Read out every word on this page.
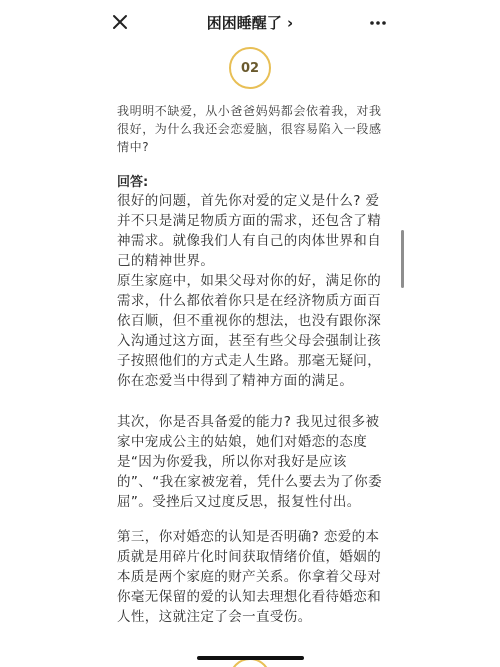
困困睡醒了 ›
02
我明明不缺爱，从小爸爸妈妈都会依着我，对我很好，为什么我还会恋爱脑，很容易陷入一段感情中?
回答:
很好的问题，首先你对爱的定义是什么? 爱并不只是满足物质方面的需求，还包含了精神需求。就像我们人有自己的肉体世界和自己的精神世界。
原生家庭中，如果父母对你的好，满足你的需求，什么都依着你只是在经济物质方面百依百顺，但不重视你的想法，也没有跟你深入沟通过这方面，甚至有些父母会强制让孩子按照他们的方式走人生路。那毫无疑问，你在恋爱当中得到了精神方面的满足。
其次，你是否具备爱的能力? 我见过很多被家中宠成公主的姑娘，她们对婚恋的态度是“因为你爱我，所以你对我好是应该的”、“我在家被宠着，凭什么要去为了你委屈”。受挫后又过度反思，报复性付出。
第三，你对婚恋的认知是否明确? 恋爱的本质就是用碎片化时间获取情绪价值，婚姻的本质是两个家庭的财产关系。你拿着父母对你毫无保留的爱的认知去理想化看待婚恋和人性，这就注定了会一直受伤。
